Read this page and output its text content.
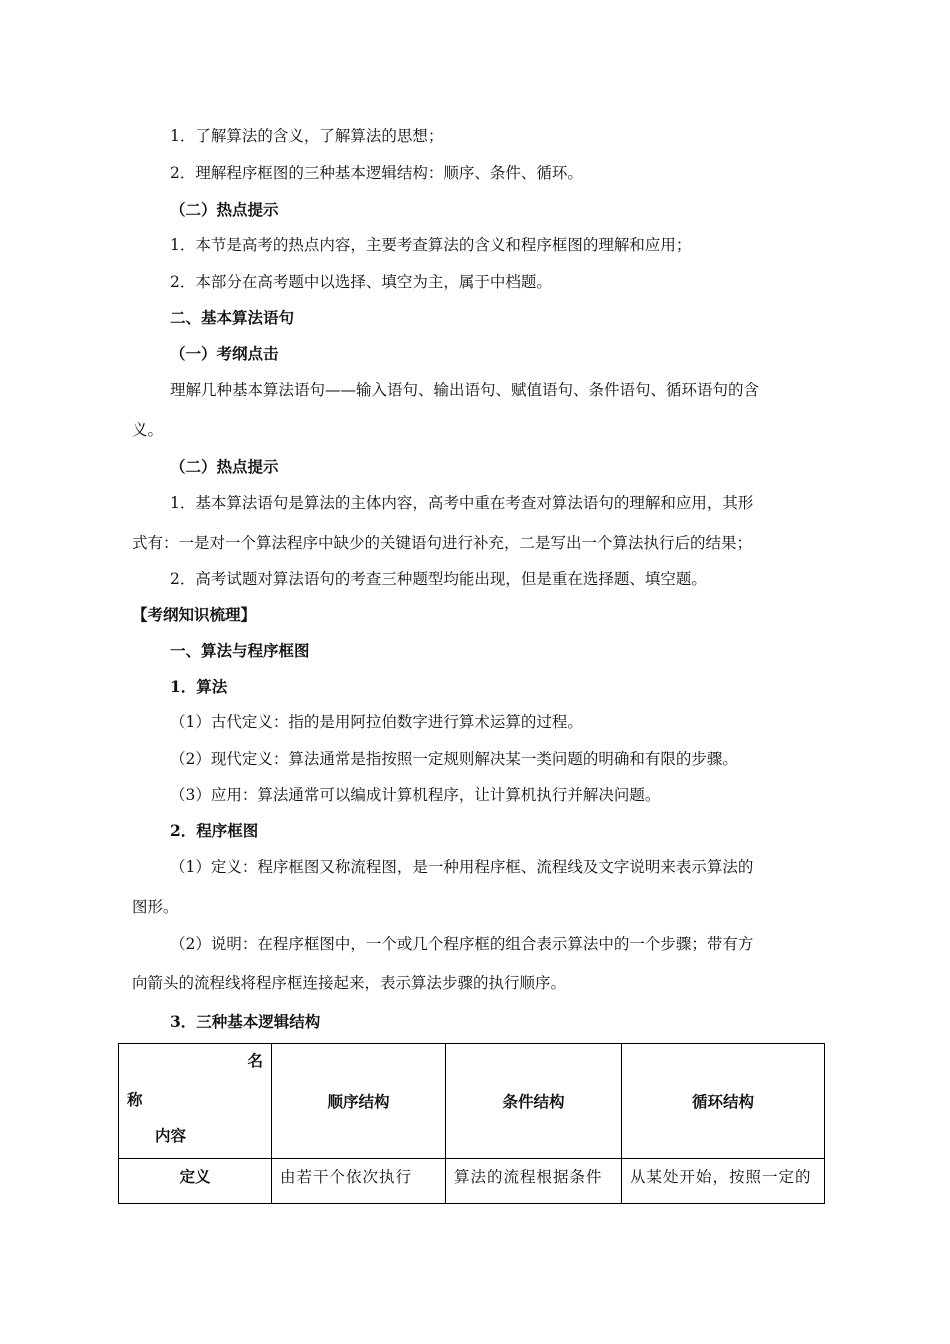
1．了解算法的含义，了解算法的思想；
2．理解程序框图的三种基本逻辑结构：顺序、条件、循环。
（二）热点提示
1．本节是高考的热点内容，主要考查算法的含义和程序框图的理解和应用；
2．本部分在高考题中以选择、填空为主，属于中档题。
二、基本算法语句
（一）考纲点击
理解几种基本算法语句——输入语句、输出语句、赋值语句、条件语句、循环语句的含
义。
（二）热点提示
1．基本算法语句是算法的主体内容，高考中重在考查对算法语句的理解和应用，其形
式有：一是对一个算法程序中缺少的关键语句进行补充，二是写出一个算法执行后的结果；
2．高考试题对算法语句的考查三种题型均能出现，但是重在选择题、填空题。
【考纲知识梳理】
一、算法与程序框图
1．算法
（1）古代定义：指的是用阿拉伯数字进行算术运算的过程。
（2）现代定义：算法通常是指按照一定规则解决某一类问题的明确和有限的步骤。
（3）应用：算法通常可以编成计算机程序，让计算机执行并解决问题。
2．程序框图
（1）定义：程序框图又称流程图，是一种用程序框、流程线及文字说明来表示算法的
图形。
（2）说明：在程序框图中，一个或几个程序框的组合表示算法中的一个步骤；带有方
向箭头的流程线将程序框连接起来，表示算法步骤的执行顺序。
3．三种基本逻辑结构
名
称
内容	顺序结构	条件结构	循环结构
定义	由若干个依次执行	算法的流程根据条件	从某处开始，按照一定的
